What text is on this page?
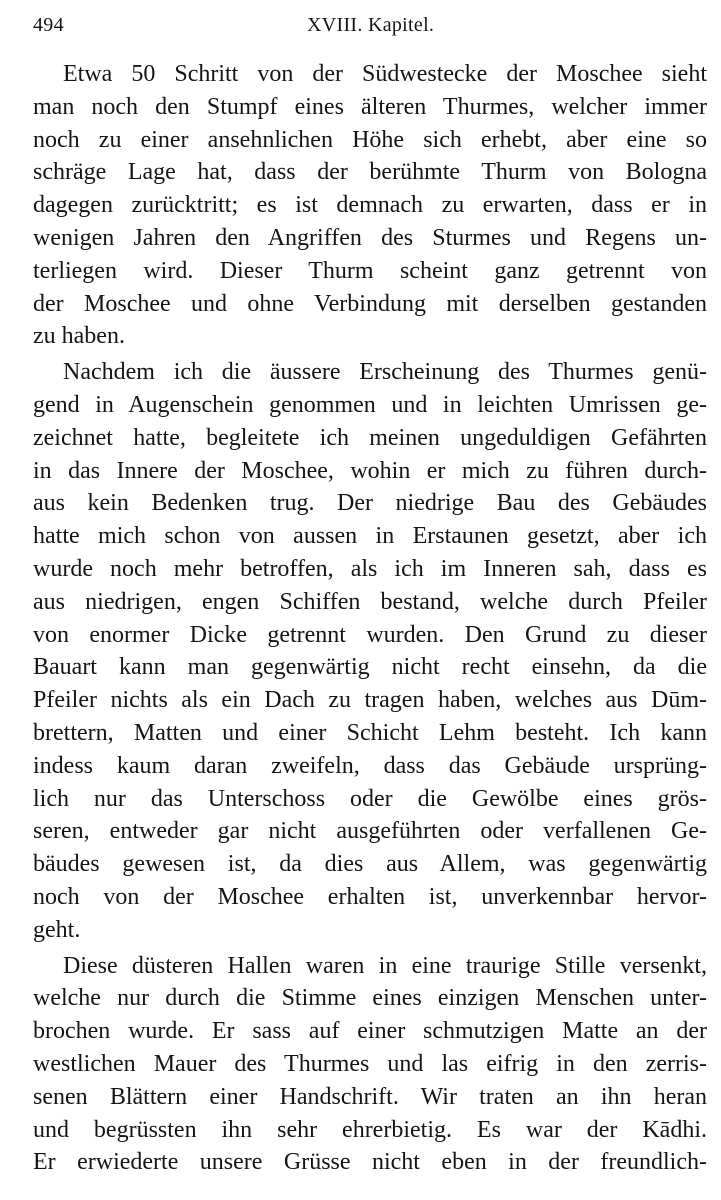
494	XVIII. Kapitel.
Etwa 50 Schritt von der Südwestecke der Moschee sieht
man noch den Stumpf eines älteren Thurmes, welcher immer
noch zu einer ansehnlichen Höhe sich erhebt, aber eine so
schräge Lage hat, dass der berühmte Thurm von Bologna
dagegen zurücktritt; es ist demnach zu erwarten, dass er in
wenigen Jahren den Angriffen des Sturmes und Regens un-
terliegen wird. Dieser Thurm scheint ganz getrennt von
der Moschee und ohne Verbindung mit derselben gestanden
zu haben.
Nachdem ich die äussere Erscheinung des Thurmes genü-
gend in Augenschein genommen und in leichten Umrissen ge-
zeichnet hatte, begleitete ich meinen ungeduldigen Gefährten
in das Innere der Moschee, wohin er mich zu führen durch-
aus kein Bedenken trug. Der niedrige Bau des Gebäudes
hatte mich schon von aussen in Erstaunen gesetzt, aber ich
wurde noch mehr betroffen, als ich im Inneren sah, dass es
aus niedrigen, engen Schiffen bestand, welche durch Pfeiler
von enormer Dicke getrennt wurden. Den Grund zu dieser
Bauart kann man gegenwärtig nicht recht einsehn, da die
Pfeiler nichts als ein Dach zu tragen haben, welches aus Dūm-
brettern, Matten und einer Schicht Lehm besteht. Ich kann
indess kaum daran zweifeln, dass das Gebäude ursprüng-
lich nur das Unterschoss oder die Gewölbe eines grös-
seren, entweder gar nicht ausgeführten oder verfallenen Ge-
bäudes gewesen ist, da dies aus Allem, was gegenwärtig
noch von der Moschee erhalten ist, unverkennbar hervor-
geht.
Diese düsteren Hallen waren in eine traurige Stille versenkt,
welche nur durch die Stimme eines einzigen Menschen unter-
brochen wurde. Er sass auf einer schmutzigen Matte an der
westlichen Mauer des Thurmes und las eifrig in den zerris-
senen Blättern einer Handschrift. Wir traten an ihn heran
und begrüssten ihn sehr ehrerbietig. Es war der Kādhi.
Er erwiederte unsere Grüsse nicht eben in der freundlich-
